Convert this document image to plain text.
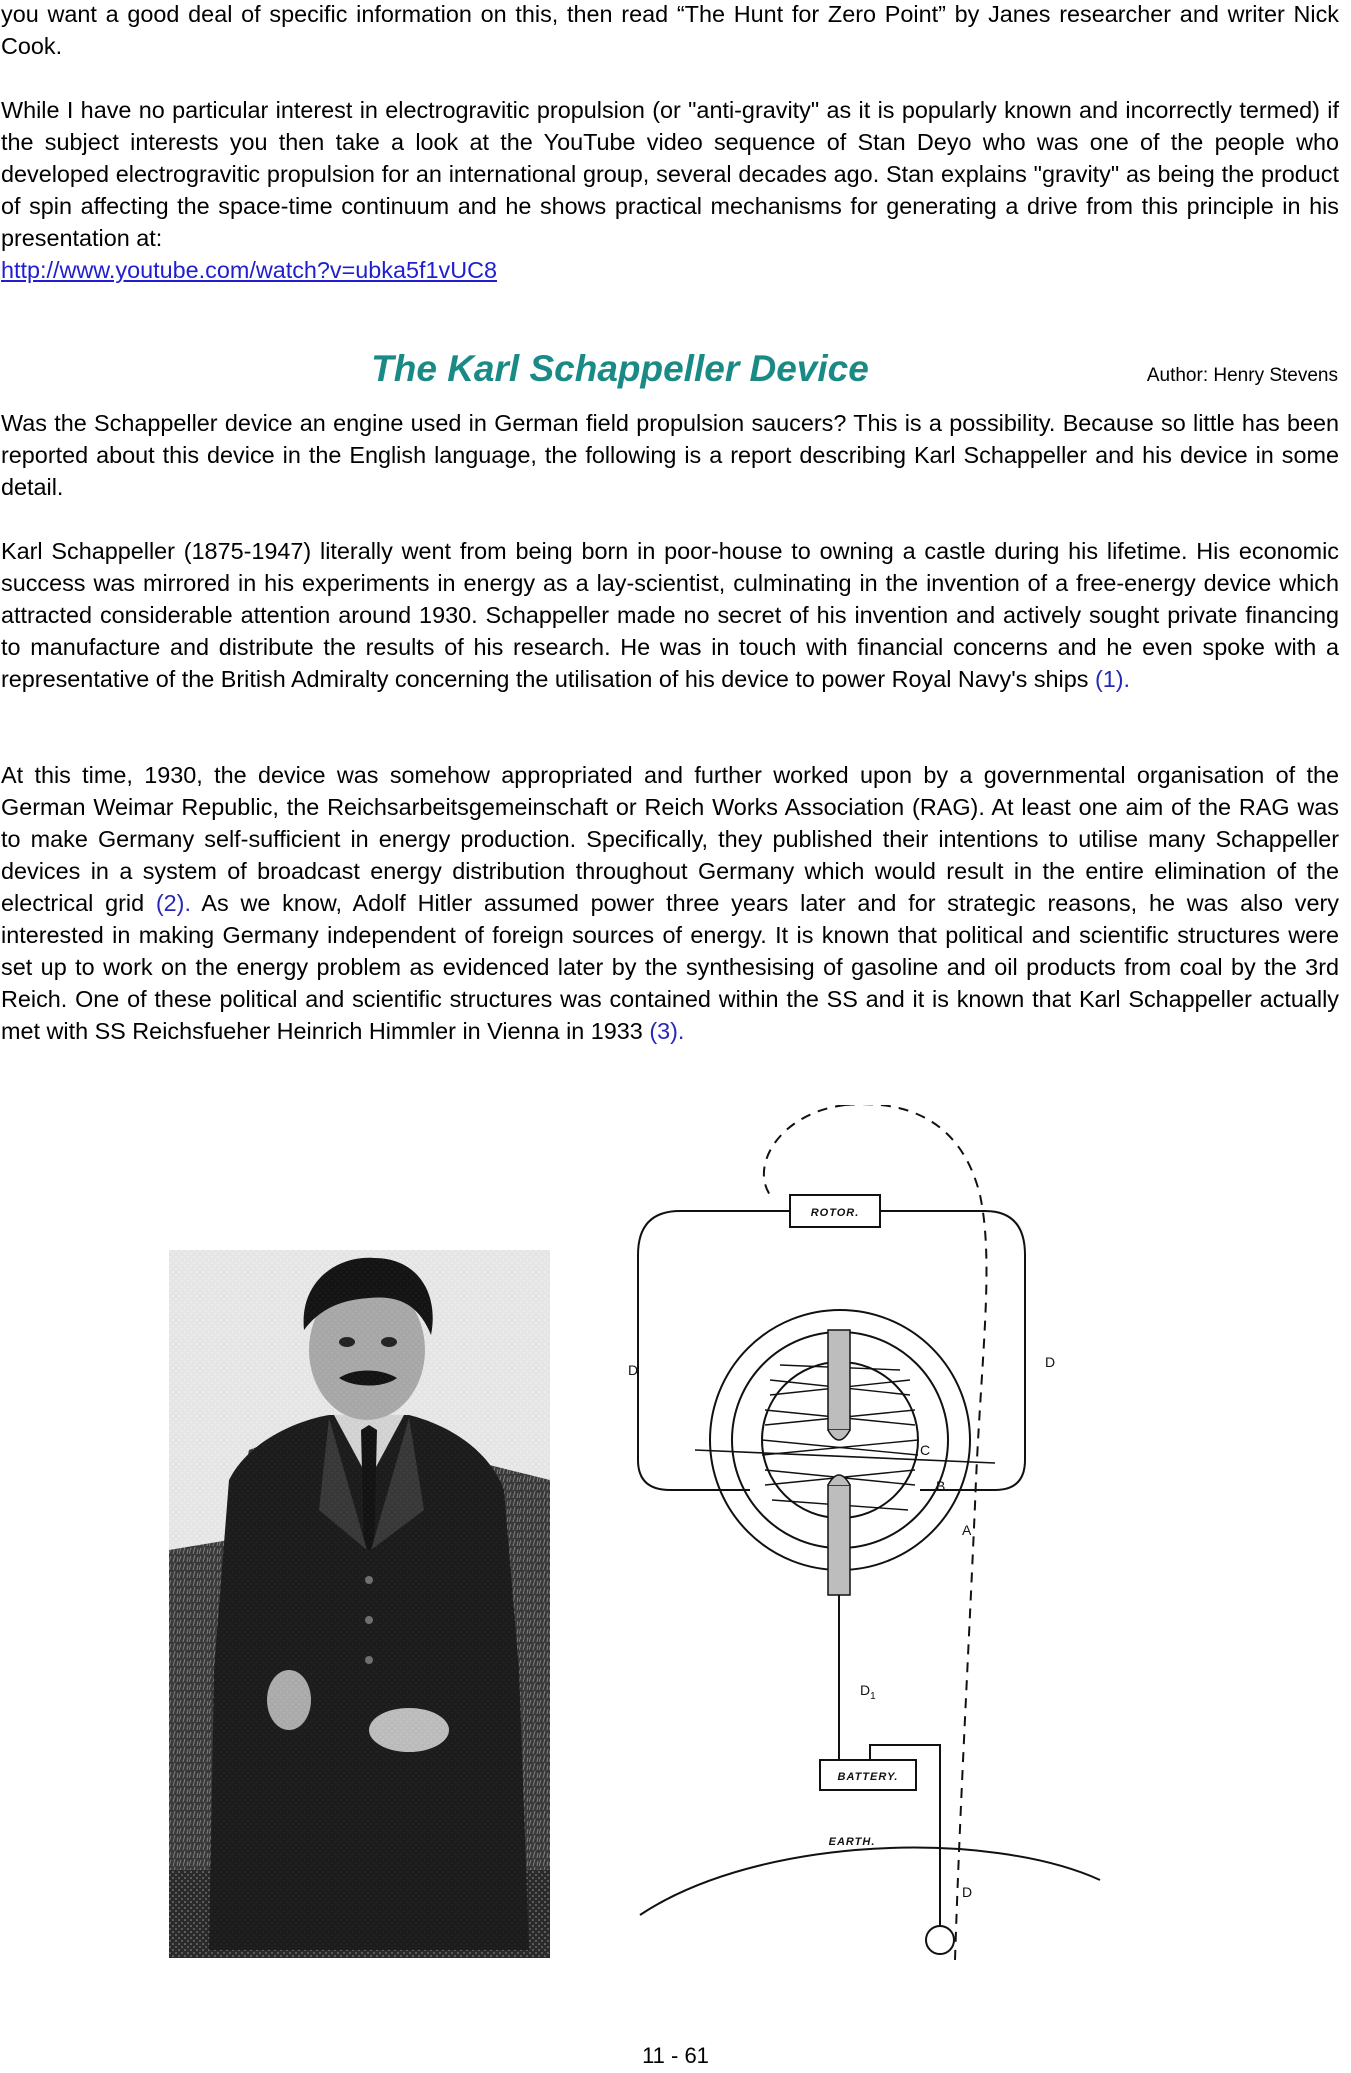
you want a good deal of specific information on this, then read “The Hunt for Zero Point” by Janes researcher and writer Nick Cook.
While I have no particular interest in electrogravitic propulsion (or "anti-gravity" as it is popularly known and incorrectly termed) if the subject interests you then take a look at the YouTube video sequence of Stan Deyo who was one of the people who developed electrogravitic propulsion for an international group, several decades ago. Stan explains "gravity" as being the product of spin affecting the space-time continuum and he shows practical mechanisms for generating a drive from this principle in his presentation at:
http://www.youtube.com/watch?v=ubka5f1vUC8
The Karl Schappeller Device	Author: Henry Stevens
Was the Schappeller device an engine used in German field propulsion saucers? This is a possibility. Because so little has been reported about this device in the English language, the following is a report describing Karl Schappeller and his device in some detail.
Karl Schappeller (1875-1947) literally went from being born in poor-house to owning a castle during his lifetime. His economic success was mirrored in his experiments in energy as a lay-scientist, culminating in the invention of a free-energy device which attracted considerable attention around 1930. Schappeller made no secret of his invention and actively sought private financing to manufacture and distribute the results of his research. He was in touch with financial concerns and he even spoke with a representative of the British Admiralty concerning the utilisation of his device to power Royal Navy's ships (1).
At this time, 1930, the device was somehow appropriated and further worked upon by a governmental organisation of the German Weimar Republic, the Reichsarbeitsgemeinschaft or Reich Works Association (RAG). At least one aim of the RAG was to make Germany self-sufficient in energy production. Specifically, they published their intentions to utilise many Schappeller devices in a system of broadcast energy distribution throughout Germany which would result in the entire elimination of the electrical grid (2). As we know, Adolf Hitler assumed power three years later and for strategic reasons, he was also very interested in making Germany independent of foreign sources of energy. It is known that political and scientific structures were set up to work on the energy problem as evidenced later by the synthesising of gasoline and oil products from coal by the 3rd Reich. One of these political and scientific structures was contained within the SS and it is known that Karl Schappeller actually met with SS Reichsfueher Heinrich Himmler in Vienna in 1933 (3).
ROTOR.
D	D
C
B
A
$D_1$
BATTERY.
EARTH.
D
11 - 61
